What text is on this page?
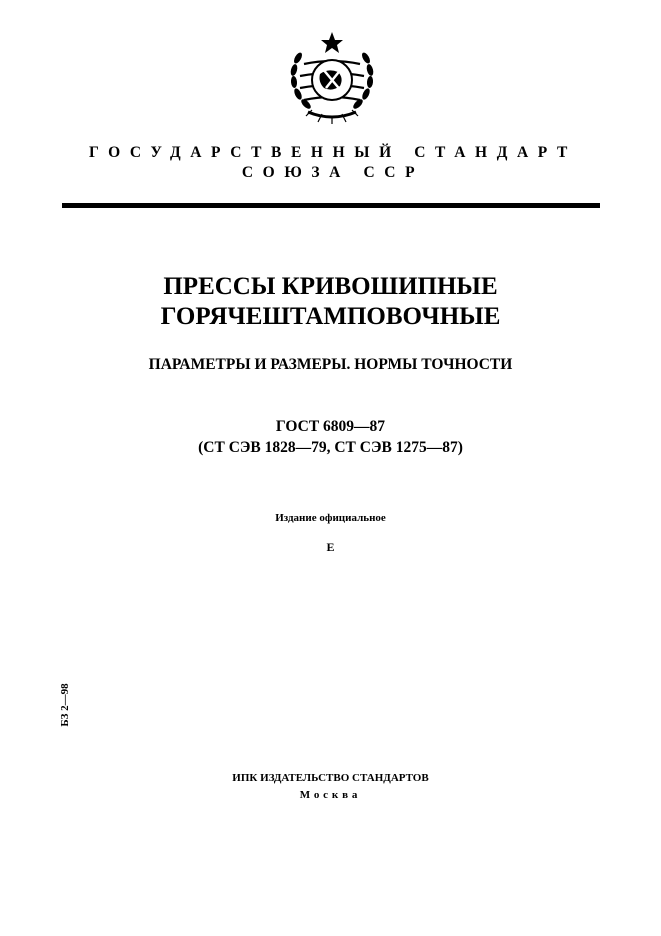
ГОСУДАРСТВЕННЫЙ СТАНДАРТ
СОЮЗА ССР
ПРЕССЫ КРИВОШИПНЫЕ
ГОРЯЧЕШТАМПОВОЧНЫЕ
ПАРАМЕТРЫ И РАЗМЕРЫ. НОРМЫ ТОЧНОСТИ
ГОСТ 6809—87
(СТ СЭВ 1828—79, СТ СЭВ 1275—87)
Издание официальное
Е
БЗ 2—98
ИПК ИЗДАТЕЛЬСТВО СТАНДАРТОВ
Москва
